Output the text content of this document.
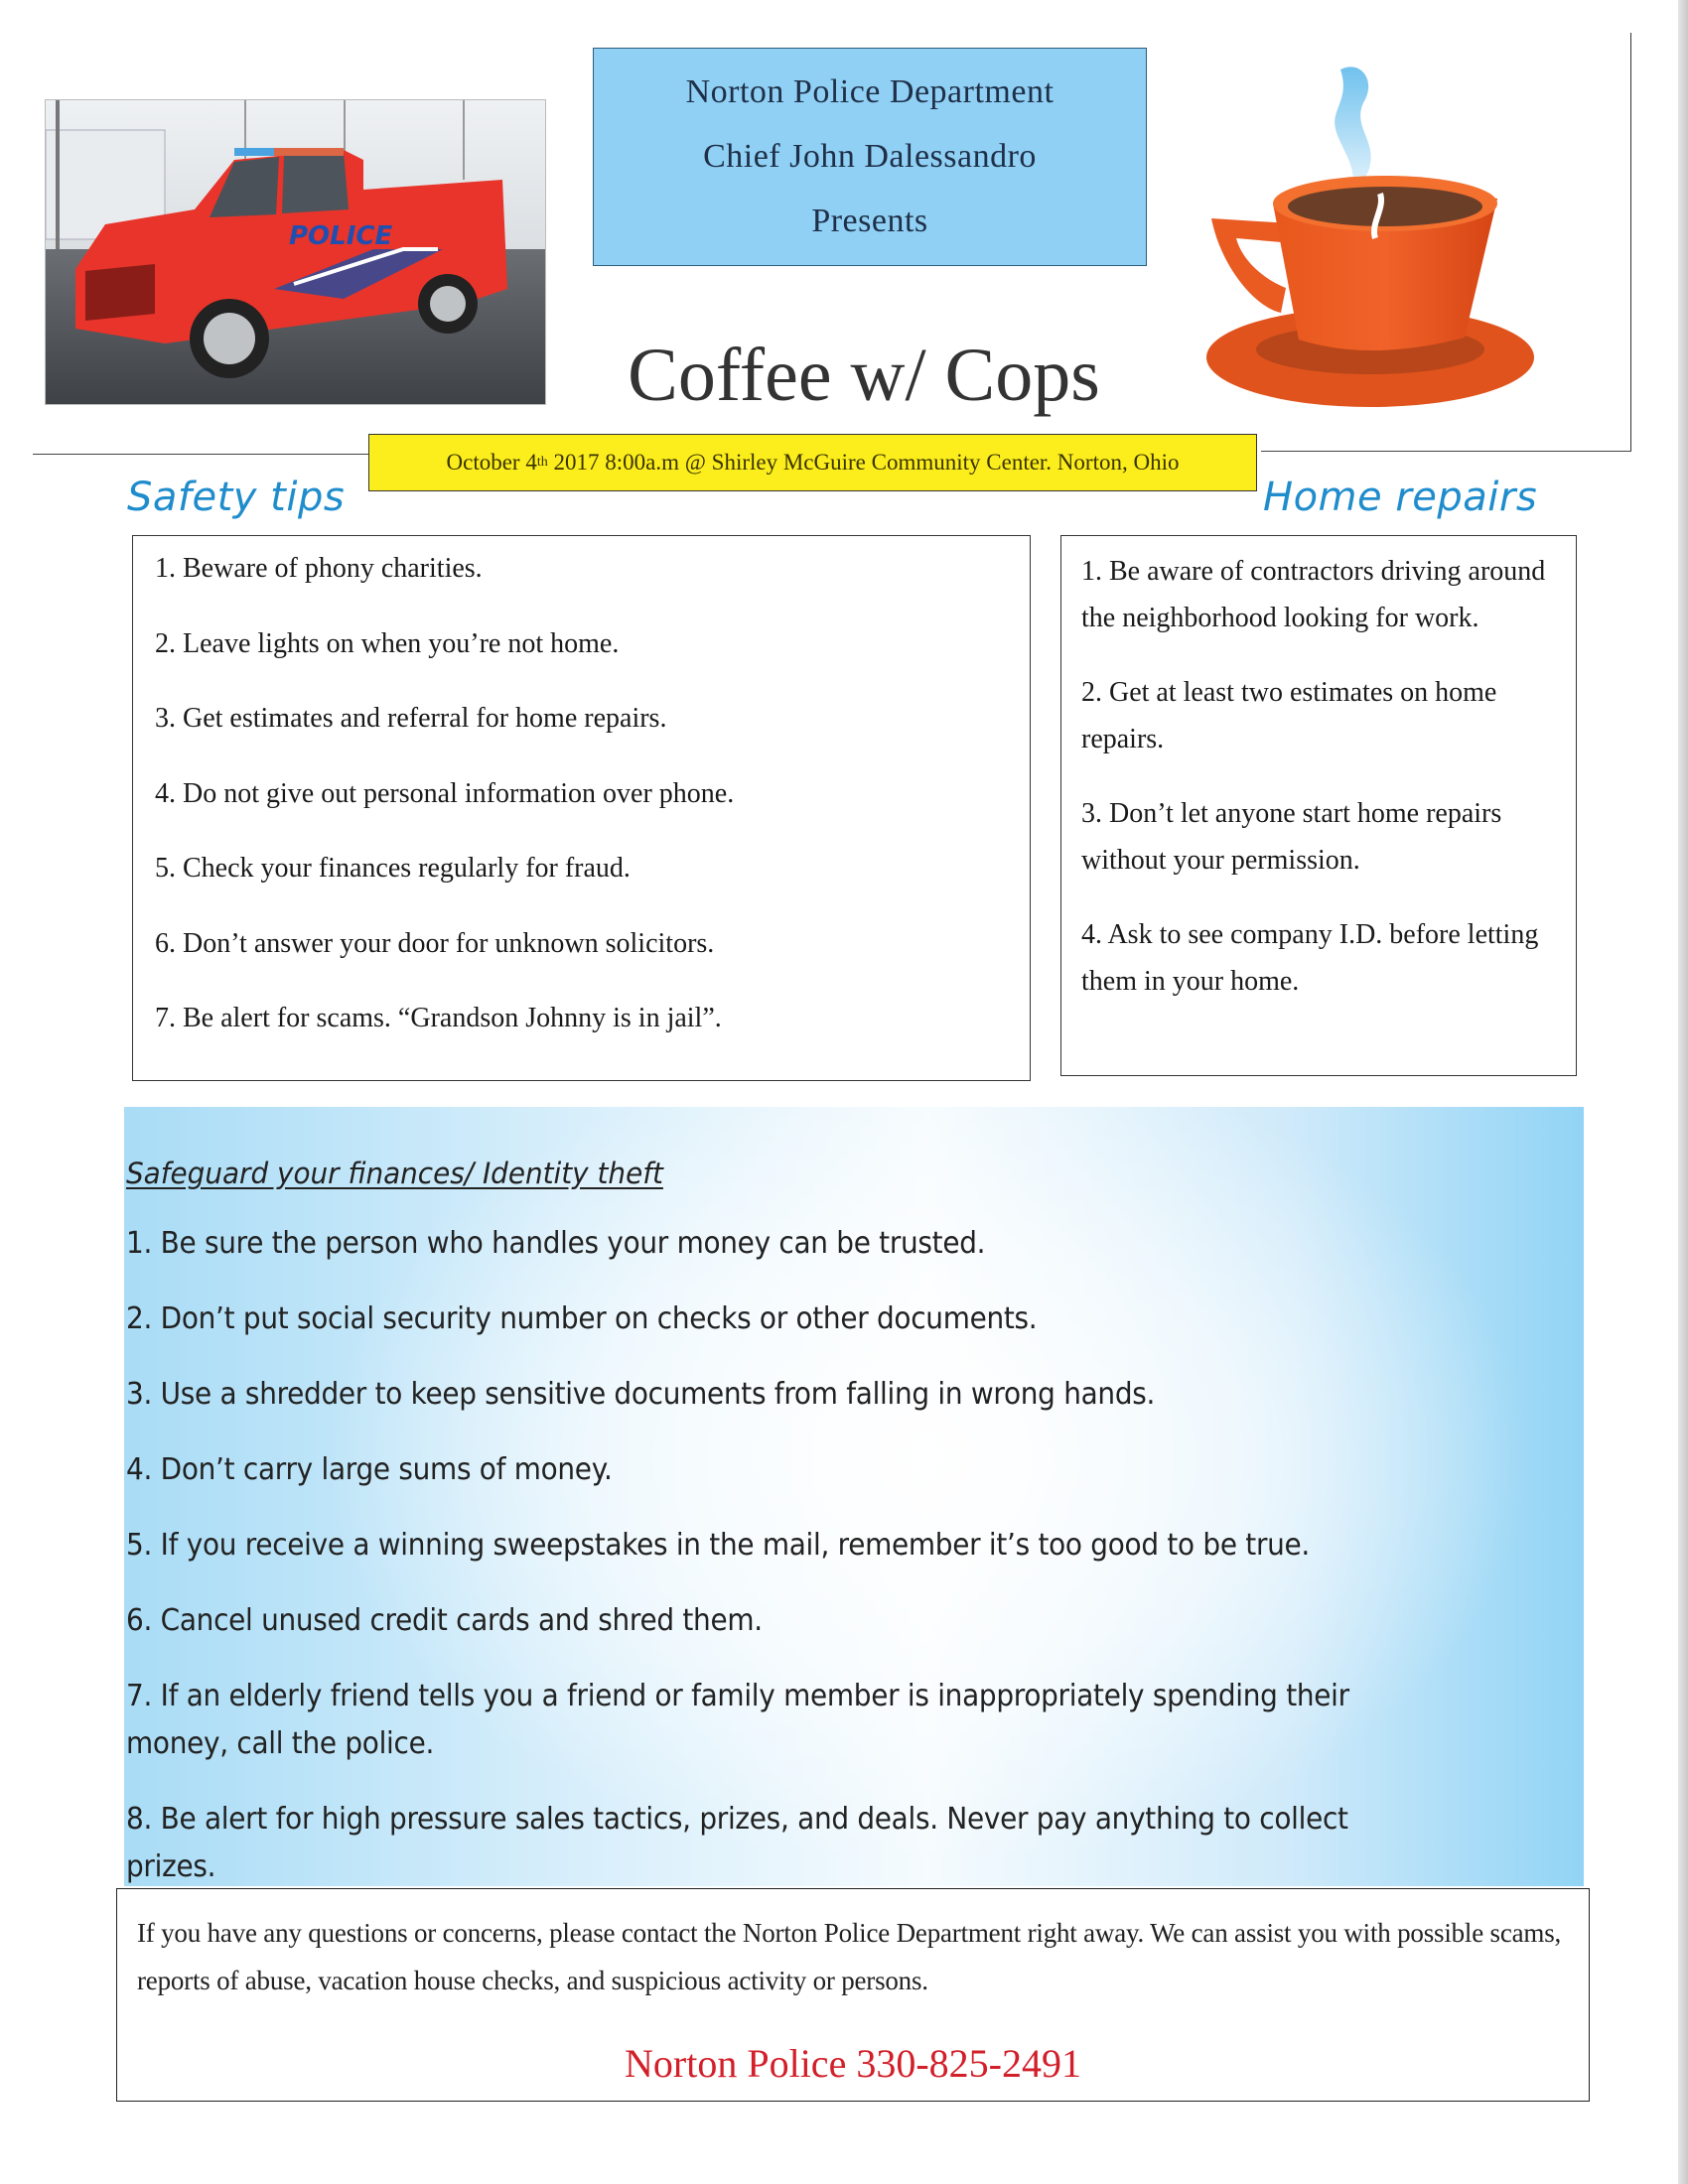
POLICE
Norton Police Department
Chief John Dalessandro
Presents
Coffee w/ Cops
October 4 th 2017 8:00a.m @ Shirley McGuire Community Center. Norton, Ohio
Safety tips	Home repairs
1. Beware of phony charities.
2. Leave lights on when you’re not home.
3. Get estimates and referral for home repairs.
4. Do not give out personal information over phone.
5. Check your finances regularly for fraud.
6. Don’t answer your door for unknown solicitors.
7. Be alert for scams. “Grandson Johnny is in jail”.
1. Be aware of contractors driving around the neighborhood looking for work.
2. Get at least two estimates on home repairs.
3. Don’t let anyone start home repairs without your permission.
4. Ask to see company I.D. before letting them in your home.
Safeguard your finances/ Identity theft
1. Be sure the person who handles your money can be trusted.
2. Don’t put social security number on checks or other documents.
3. Use a shredder to keep sensitive documents from falling in wrong hands.
4. Don’t carry large sums of money.
5. If you receive a winning sweepstakes in the mail, remember it’s too good to be true.
6. Cancel unused credit cards and shred them.
7. If an elderly friend tells you a friend or family member is inappropriately spending their money, call the police.
8. Be alert for high pressure sales tactics, prizes, and deals. Never pay anything to collect prizes.
If you have any questions or concerns, please contact the Norton Police Department right away. We can assist you with possible scams, reports of abuse, vacation house checks, and suspicious activity or persons.
Norton Police 330-825-2491
